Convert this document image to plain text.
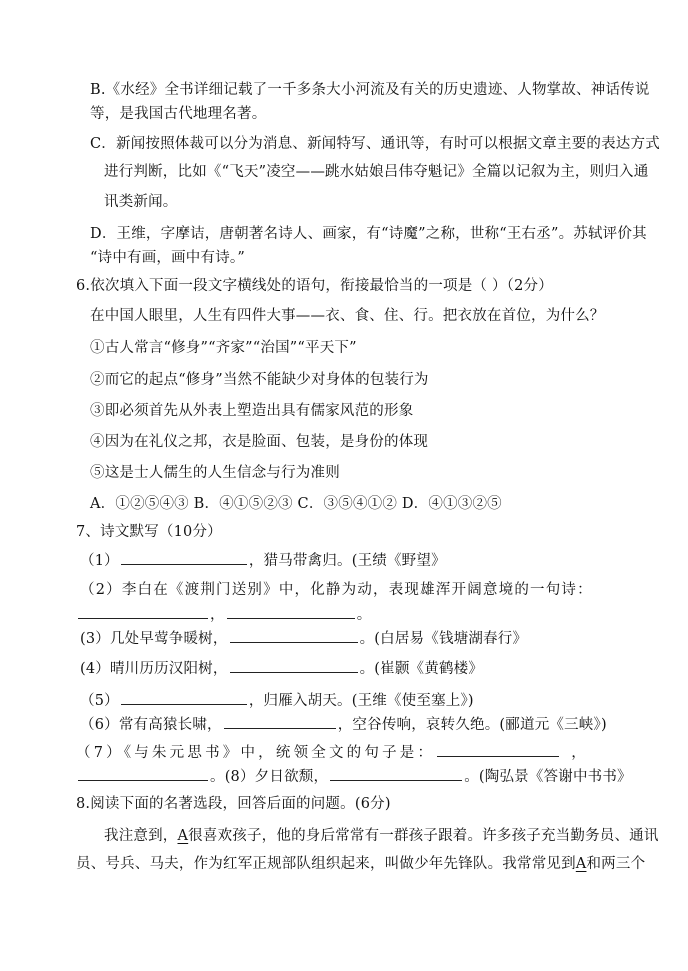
B.《水经》全书详细记载了一千多条大小河流及有关的历史遗迹、人物掌故、神话传说
等，是我国古代地理名著。
C．新闻按照体裁可以分为消息、新闻特写、通讯等，有时可以根据文章主要的表达方式
进行判断，比如《“飞天”凌空——跳水姑娘吕伟夺魁记》全篇以记叙为主，则归入通
讯类新闻。
D．王维，字摩诘，唐朝著名诗人、画家，有“诗魔”之称，世称“王右丞”。苏轼评价其
“诗中有画，画中有诗。”
6.依次填入下面一段文字横线处的语句，衔接最恰当的一项是（ ）（2分）
在中国人眼里，人生有四件大事——衣、食、住、行。把衣放在首位，为什么？
①古人常言“修身”“齐家”“治国”“平天下”
②而它的起点“修身”当然不能缺少对身体的包装行为
③即必须首先从外表上塑造出具有儒家风范的形象
④因为在礼仪之邦，衣是脸面、包装，是身份的体现
⑤这是士人儒生的人生信念与行为准则
A．①②⑤④③ B．④①⑤②③ C．③⑤④①② D．④①③②⑤
7、诗文默写（10分）
（1）	，猎马带禽归。(王绩《野望》
（2）李白在《渡荆门送别》中，化静为动，表现雄浑开阔意境的一句诗：
，	。
(3）几处早莺争暖树，	。(白居易《钱塘湖春行》
(4）晴川历历汉阳树，	。(崔颢《黄鹤楼》
（5）	，归雁入胡天。(王维《使至塞上》)
（6）常有高猿长啸，	，空谷传响，哀转久绝。(郦道元《三峡》)
（7）《与朱元思书》中，统领全文的句子是：	，
。(8）夕日欲颓，	。(陶弘景《答谢中书书》
8.阅读下面的名著选段，回答后面的问题。(6分)
我注意到，A很喜欢孩子，他的身后常常有一群孩子跟着。许多孩子充当勤务员、通讯
员、号兵、马夫，作为红军正规部队组织起来，叫做少年先锋队。我常常见到A和两三个
